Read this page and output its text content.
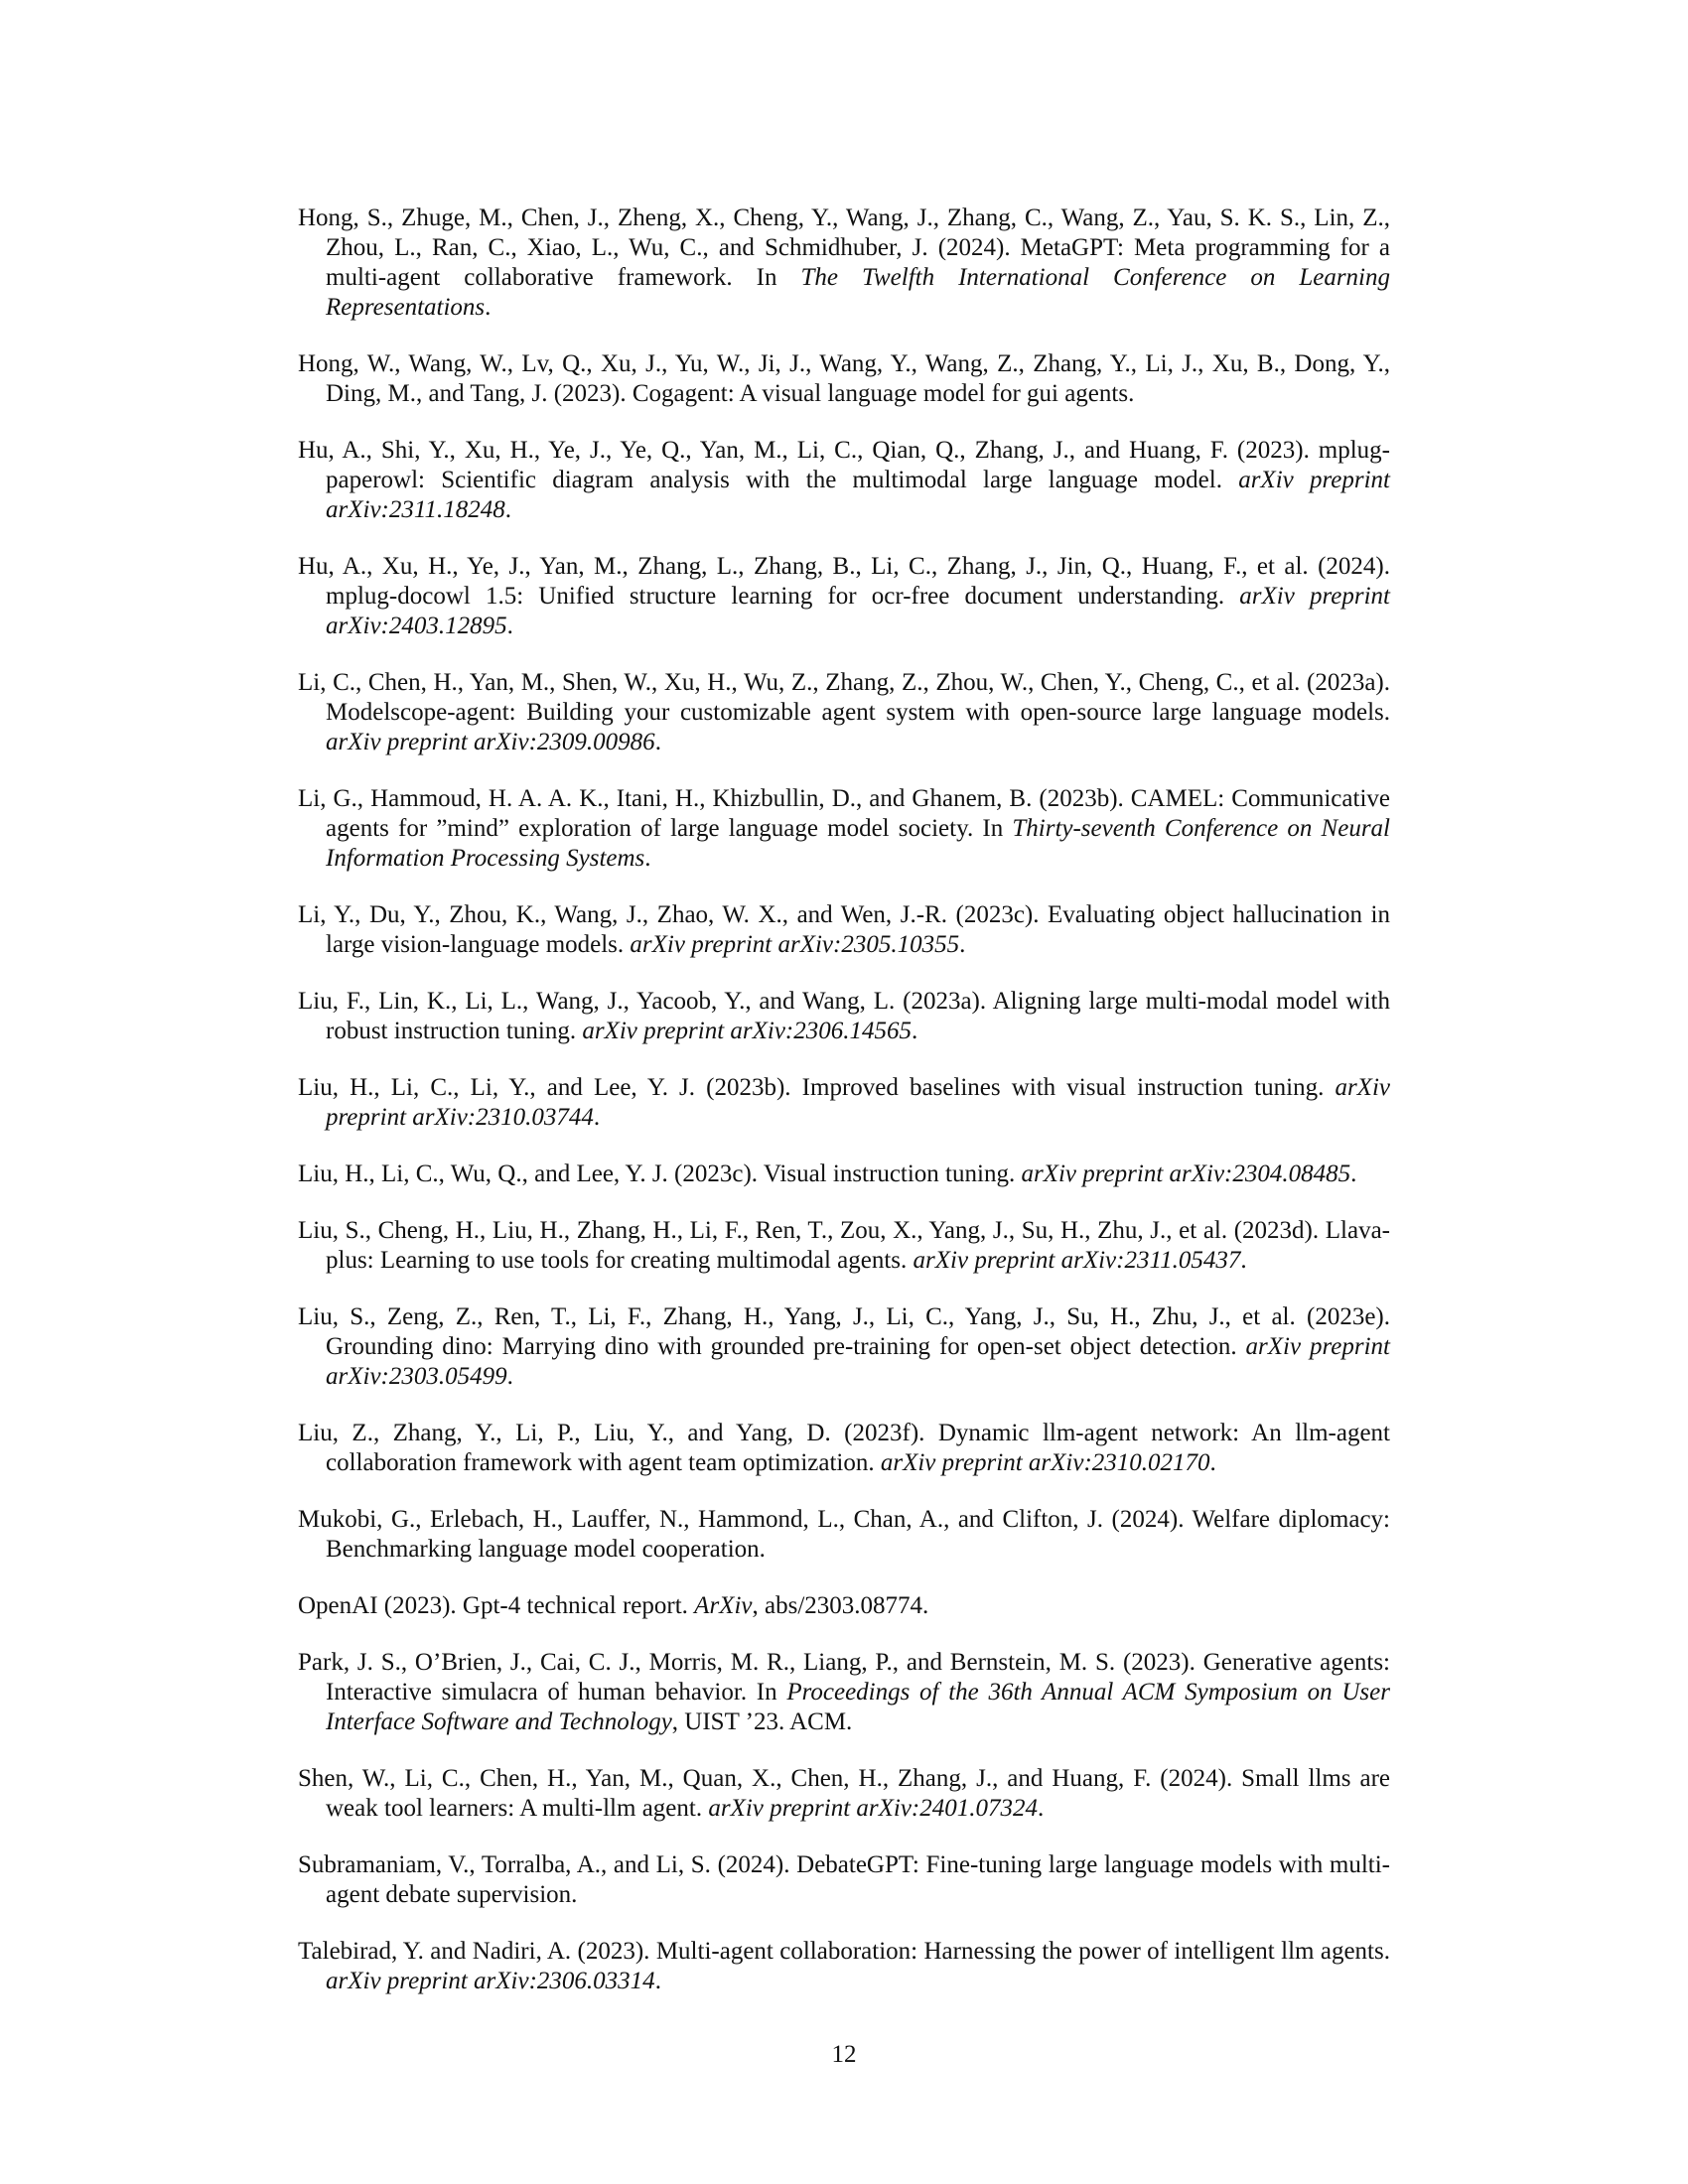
Hong, S., Zhuge, M., Chen, J., Zheng, X., Cheng, Y., Wang, J., Zhang, C., Wang, Z., Yau, S. K. S., Lin, Z., Zhou, L., Ran, C., Xiao, L., Wu, C., and Schmidhuber, J. (2024). MetaGPT: Meta programming for a multi-agent collaborative framework. In The Twelfth International Conference on Learning Representations.
Hong, W., Wang, W., Lv, Q., Xu, J., Yu, W., Ji, J., Wang, Y., Wang, Z., Zhang, Y., Li, J., Xu, B., Dong, Y., Ding, M., and Tang, J. (2023). Cogagent: A visual language model for gui agents.
Hu, A., Shi, Y., Xu, H., Ye, J., Ye, Q., Yan, M., Li, C., Qian, Q., Zhang, J., and Huang, F. (2023). mplug-paperowl: Scientific diagram analysis with the multimodal large language model. arXiv preprint arXiv:2311.18248.
Hu, A., Xu, H., Ye, J., Yan, M., Zhang, L., Zhang, B., Li, C., Zhang, J., Jin, Q., Huang, F., et al. (2024). mplug-docowl 1.5: Unified structure learning for ocr-free document understanding. arXiv preprint arXiv:2403.12895.
Li, C., Chen, H., Yan, M., Shen, W., Xu, H., Wu, Z., Zhang, Z., Zhou, W., Chen, Y., Cheng, C., et al. (2023a). Modelscope-agent: Building your customizable agent system with open-source large language models. arXiv preprint arXiv:2309.00986.
Li, G., Hammoud, H. A. A. K., Itani, H., Khizbullin, D., and Ghanem, B. (2023b). CAMEL: Communicative agents for ”mind” exploration of large language model society. In Thirty-seventh Conference on Neural Information Processing Systems.
Li, Y., Du, Y., Zhou, K., Wang, J., Zhao, W. X., and Wen, J.-R. (2023c). Evaluating object hallucination in large vision-language models. arXiv preprint arXiv:2305.10355.
Liu, F., Lin, K., Li, L., Wang, J., Yacoob, Y., and Wang, L. (2023a). Aligning large multi-modal model with robust instruction tuning. arXiv preprint arXiv:2306.14565.
Liu, H., Li, C., Li, Y., and Lee, Y. J. (2023b). Improved baselines with visual instruction tuning. arXiv preprint arXiv:2310.03744.
Liu, H., Li, C., Wu, Q., and Lee, Y. J. (2023c). Visual instruction tuning. arXiv preprint arXiv:2304.08485.
Liu, S., Cheng, H., Liu, H., Zhang, H., Li, F., Ren, T., Zou, X., Yang, J., Su, H., Zhu, J., et al. (2023d). Llava-plus: Learning to use tools for creating multimodal agents. arXiv preprint arXiv:2311.05437.
Liu, S., Zeng, Z., Ren, T., Li, F., Zhang, H., Yang, J., Li, C., Yang, J., Su, H., Zhu, J., et al. (2023e). Grounding dino: Marrying dino with grounded pre-training for open-set object detection. arXiv preprint arXiv:2303.05499.
Liu, Z., Zhang, Y., Li, P., Liu, Y., and Yang, D. (2023f). Dynamic llm-agent network: An llm-agent collaboration framework with agent team optimization. arXiv preprint arXiv:2310.02170.
Mukobi, G., Erlebach, H., Lauffer, N., Hammond, L., Chan, A., and Clifton, J. (2024). Welfare diplomacy: Benchmarking language model cooperation.
OpenAI (2023). Gpt-4 technical report. ArXiv, abs/2303.08774.
Park, J. S., O’Brien, J., Cai, C. J., Morris, M. R., Liang, P., and Bernstein, M. S. (2023). Generative agents: Interactive simulacra of human behavior. In Proceedings of the 36th Annual ACM Symposium on User Interface Software and Technology, UIST ’23. ACM.
Shen, W., Li, C., Chen, H., Yan, M., Quan, X., Chen, H., Zhang, J., and Huang, F. (2024). Small llms are weak tool learners: A multi-llm agent. arXiv preprint arXiv:2401.07324.
Subramaniam, V., Torralba, A., and Li, S. (2024). DebateGPT: Fine-tuning large language models with multi-agent debate supervision.
Talebirad, Y. and Nadiri, A. (2023). Multi-agent collaboration: Harnessing the power of intelligent llm agents. arXiv preprint arXiv:2306.03314.
12
